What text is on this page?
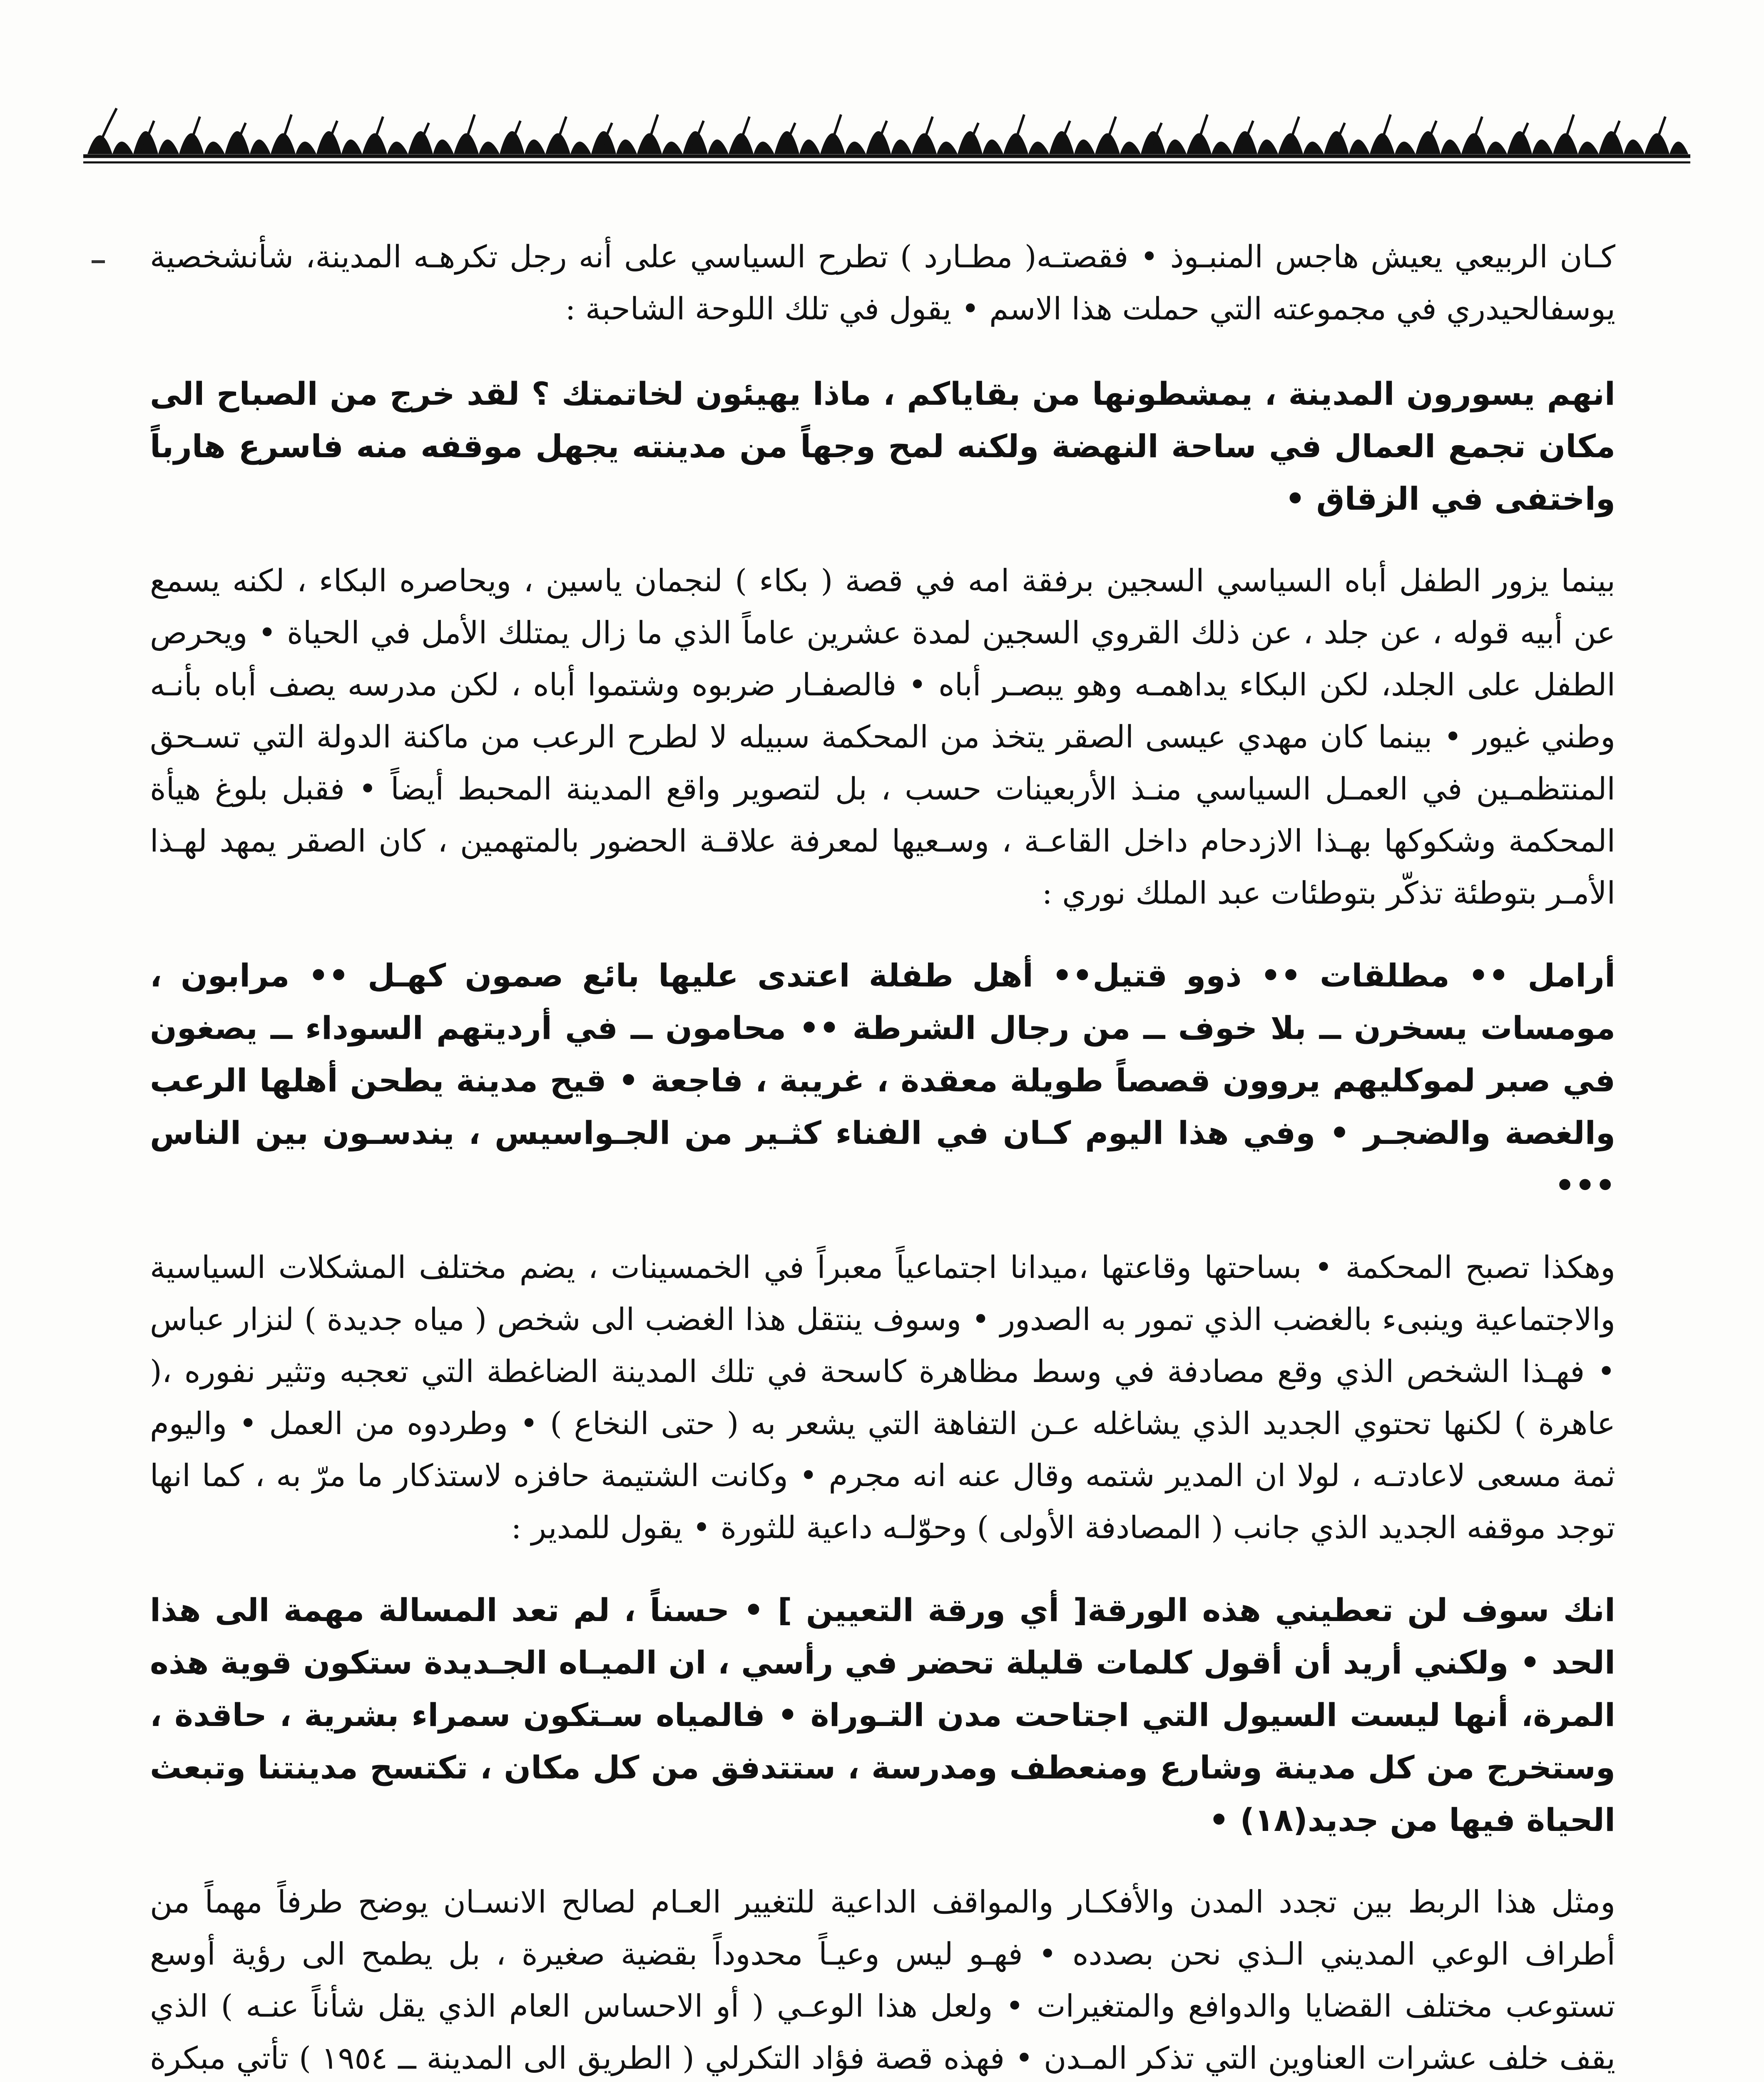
كـان الربيعي يعيش هاجس المنبـوذ • فقصتـه( مطـارد ) تطرح السياسي على أنه رجل تكرهـه المدينة، شأنشخصية يوسفالحيدري في مجموعته التي حملت هذا الاسم • يقول في تلك اللوحة الشاحبة :

انهم يسورون المدينة ، يمشطونها من بقاياكم ، ماذا يهيئون لخاتمتك ؟ لقد خرج من الصباح الى مكان تجمع العمال في ساحة النهضة ولكنه لمح وجهاً من مدينته يجهل موقفه منه فاسرع هارباً واختفى في الزقاق •

بينما يزور الطفل أباه السياسي السجين برفقة امه في قصة ( بكاء ) لنجمان ياسين ، ويحاصره البكاء ، لكنه يسمع عن أبيه قوله ، عن جلد ، عن ذلك القروي السجين لمدة عشرين عاماً الذي ما زال يمتلك الأمل في الحياة • ويحرص الطفل على الجلد، لكن البكاء يداهمـه وهو يبصـر أباه • فالصفـار ضربوه وشتموا أباه ، لكن مدرسه يصف أباه بأنـه وطني غيور • بينما كان مهدي عيسى الصقر يتخذ من المحكمة سبيله لا لطرح الرعب من ماكنة الدولة التي تسـحق المنتظمـين في العمـل السياسي منـذ الأربعينات حسب ، بل لتصوير واقع المدينة المحبط أيضاً • فقبل بلوغ هيأة المحكمة وشكوكها بهـذا الازدحام داخل القاعـة ، وسـعيها لمعرفة علاقـة الحضور بالمتهمين ، كان الصقر يمهد لهـذا الأمـر بتوطئة تذكّر بتوطئات عبد الملك نوري :

أرامل •• مطلقات •• ذوو قتيل•• أهل طفلة اعتدى عليها بائع صمون كهـل •• مرابون ، مومسات يسخرن ــ بلا خوف ــ من رجال الشرطة •• محامون ــ في أرديتهم السوداء ــ يصغون في صبر لموكليهم يروون قصصاً طويلة معقدة ، غريبة ، فاجعة • قيح مدينة يطحن أهلها الرعب والغصة والضجـر • وفي هذا اليوم كـان في الفناء كثـير من الجـواسيس ، يندسـون بين الناس •••

وهكذا تصبح المحكمة • بساحتها وقاعتها ،ميدانا اجتماعياً معبراً في الخمسينات ، يضم مختلف المشكلات السياسية والاجتماعية وينبىء بالغضب الذي تمور به الصدور • وسوف ينتقل هذا الغضب الى شخص ( مياه جديدة ) لنزار عباس • فهـذا الشخص الذي وقع مصادفة في وسط مظاهرة كاسحة في تلك المدينة الضاغطة التي تعجبه وتثير نفوره ،( عاهرة ) لكنها تحتوي الجديد الذي يشاغله عـن التفاهة التي يشعر به ( حتى النخاع ) • وطردوه من العمل • واليوم ثمة مسعى لاعادتـه ، لولا ان المدير شتمه وقال عنه انه مجرم • وكانت الشتيمة حافزه لاستذكار ما مرّ به ، كما انها توجد موقفه الجديد الذي جانب ( المصادفة الأولى ) وحوّلـه داعية للثورة • يقول للمدير :

انك سوف لن تعطيني هذه الورقة[ أي ورقة التعيين ] • حسناً ، لم تعد المسالة مهمة الى هذا الحد • ولكني أريد أن أقول كلمات قليلة تحضر في رأسي ، ان الميـاه الجـديدة ستكون قوية هذه المرة، أنها ليست السيول التي اجتاحت مدن التـوراة • فالمياه سـتكون سمراء بشرية ، حاقدة ، وستخرج من كل مدينة وشارع ومنعطف ومدرسة ، ستتدفق من كل مكان ، تكتسح مدينتنا وتبعث الحياة فيها من جديد(١٨) •

ومثل هذا الربط بين تجدد المدن والأفكـار والمواقف الداعية للتغيير العـام لصالح الانسـان يوضح طرفاً مهماً من أطراف الوعي المديني الـذي نحن بصدده • فهـو ليس وعيـاً محدوداً بقضية صغيرة ، بل يطمح الى رؤية أوسع تستوعب مختلف القضايا والدوافع والمتغيرات • ولعل هذا الوعـي ( أو الاحساس العام الذي يقل شأناً عنـه ) الذي يقف خلف عشرات العناوين التي تذكر المـدن • فهذه قصة فؤاد التكرلي ( الطريق الى المدينة ــ ١٩٥٤ ) تأتي مبكرة
